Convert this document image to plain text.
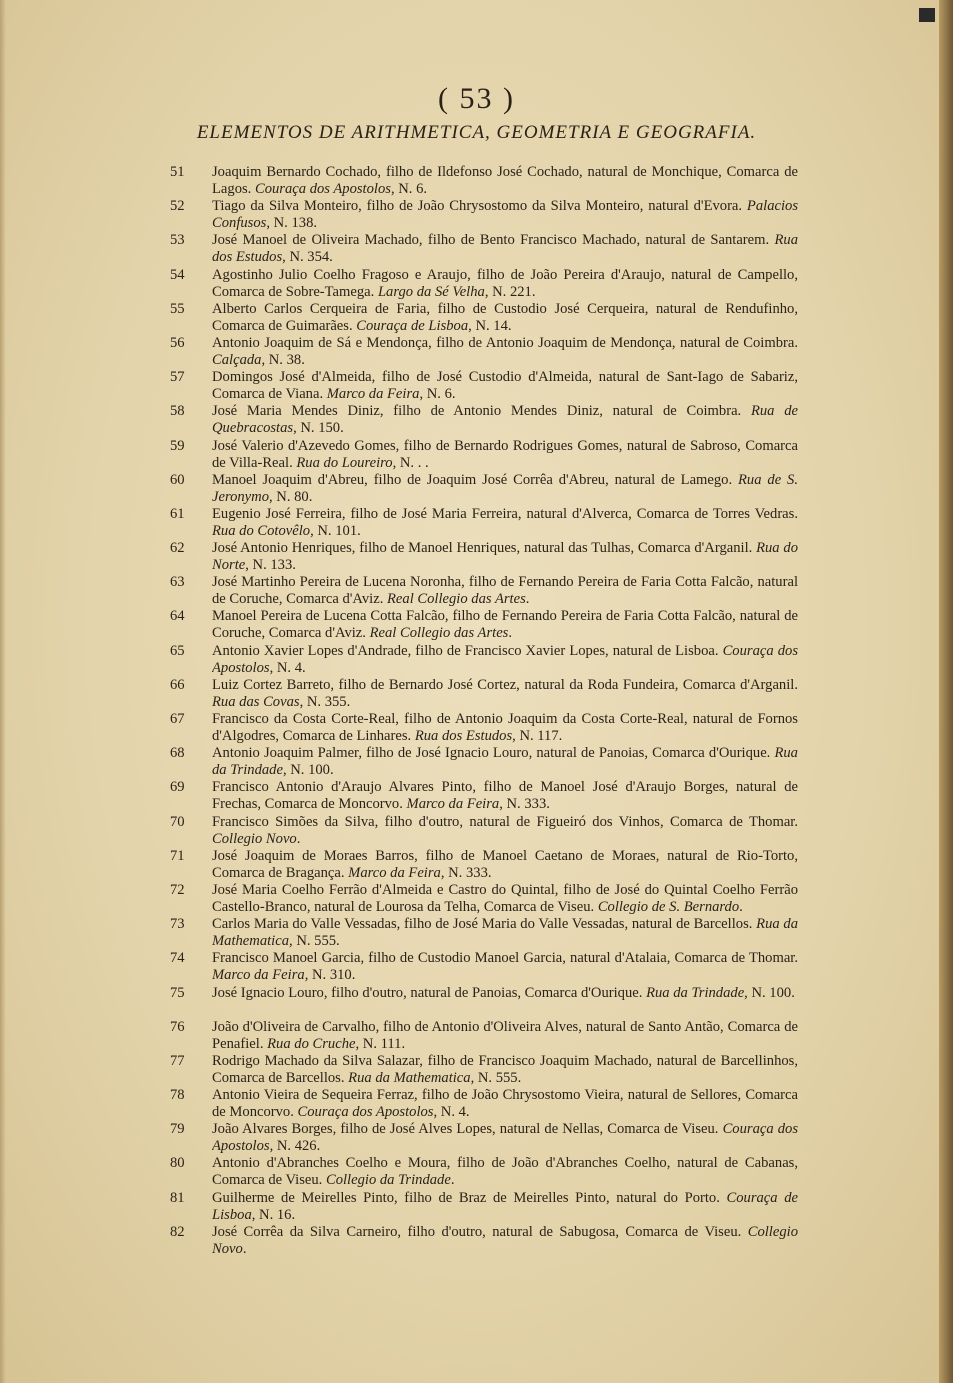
( 53 )
ELEMENTOS DE ARITHMETICA, GEOMETRIA E GEOGRAFIA.
51	Joaquim Bernardo Cochado, filho de Ildefonso José Cochado, natural de Monchique, Comarca de Lagos. Couraça dos Apostolos, N. 6.
52	Tiago da Silva Monteiro, filho de João Chrysostomo da Silva Monteiro, natural d'Evora. Palacios Confusos, N. 138.
53	José Manoel de Oliveira Machado, filho de Bento Francisco Machado, natural de Santarem. Rua dos Estudos, N. 354.
54	Agostinho Julio Coelho Fragoso e Araujo, filho de João Pereira d'Araujo, natural de Campello, Comarca de Sobre-Tamega. Largo da Sé Velha, N. 221.
55	Alberto Carlos Cerqueira de Faria, filho de Custodio José Cerqueira, natural de Rendufinho, Comarca de Guimarães. Couraça de Lisboa, N. 14.
56	Antonio Joaquim de Sá e Mendonça, filho de Antonio Joaquim de Mendonça, natural de Coimbra. Calçada, N. 38.
57	Domingos José d'Almeida, filho de José Custodio d'Almeida, natural de Sant-Iago de Sabariz, Comarca de Viana. Marco da Feira, N. 6.
58	José Maria Mendes Diniz, filho de Antonio Mendes Diniz, natural de Coimbra. Rua de Quebracostas, N. 150.
59	José Valerio d'Azevedo Gomes, filho de Bernardo Rodrigues Gomes, natural de Sabroso, Comarca de Villa-Real. Rua do Loureiro, N. . .
60	Manoel Joaquim d'Abreu, filho de Joaquim José Corrêa d'Abreu, natural de Lamego. Rua de S. Jeronymo, N. 80.
61	Eugenio José Ferreira, filho de José Maria Ferreira, natural d'Alverca, Comarca de Torres Vedras. Rua do Cotovêlo, N. 101.
62	José Antonio Henriques, filho de Manoel Henriques, natural das Tulhas, Comarca d'Arganil. Rua do Norte, N. 133.
63	José Martinho Pereira de Lucena Noronha, filho de Fernando Pereira de Faria Cotta Falcão, natural de Coruche, Comarca d'Aviz. Real Collegio das Artes.
64	Manoel Pereira de Lucena Cotta Falcão, filho de Fernando Pereira de Faria Cotta Falcão, natural de Coruche, Comarca d'Aviz. Real Collegio das Artes.
65	Antonio Xavier Lopes d'Andrade, filho de Francisco Xavier Lopes, natural de Lisboa. Couraça dos Apostolos, N. 4.
66	Luiz Cortez Barreto, filho de Bernardo José Cortez, natural da Roda Fundeira, Comarca d'Arganil. Rua das Covas, N. 355.
67	Francisco da Costa Corte-Real, filho de Antonio Joaquim da Costa Corte-Real, natural de Fornos d'Algodres, Comarca de Linhares. Rua dos Estudos, N. 117.
68	Antonio Joaquim Palmer, filho de José Ignacio Louro, natural de Panoias, Comarca d'Ourique. Rua da Trindade, N. 100.
69	Francisco Antonio d'Araujo Alvares Pinto, filho de Manoel José d'Araujo Borges, natural de Frechas, Comarca de Moncorvo. Marco da Feira, N. 333.
70	Francisco Simões da Silva, filho d'outro, natural de Figueiró dos Vinhos, Comarca de Thomar. Collegio Novo.
71	José Joaquim de Moraes Barros, filho de Manoel Caetano de Moraes, natural de Rio-Torto, Comarca de Bragança. Marco da Feira, N. 333.
72	José Maria Coelho Ferrão d'Almeida e Castro do Quintal, filho de José do Quintal Coelho Ferrão Castello-Branco, natural de Lourosa da Telha, Comarca de Viseu. Collegio de S. Bernardo.
73	Carlos Maria do Valle Vessadas, filho de José Maria do Valle Vessadas, natural de Barcellos. Rua da Mathematica, N. 555.
74	Francisco Manoel Garcia, filho de Custodio Manoel Garcia, natural d'Atalaia, Comarca de Thomar. Marco da Feira, N. 310.
75	José Ignacio Louro, filho d'outro, natural de Panoias, Comarca d'Ourique. Rua da Trindade, N. 100.
76	João d'Oliveira de Carvalho, filho de Antonio d'Oliveira Alves, natural de Santo Antão, Comarca de Penafiel. Rua do Cruche, N. 111.
77	Rodrigo Machado da Silva Salazar, filho de Francisco Joaquim Machado, natural de Barcellinhos, Comarca de Barcellos. Rua da Mathematica, N. 555.
78	Antonio Vieira de Sequeira Ferraz, filho de João Chrysostomo Vieira, natural de Sellores, Comarca de Moncorvo. Couraça dos Apostolos, N. 4.
79	João Alvares Borges, filho de José Alves Lopes, natural de Nellas, Comarca de Viseu. Couraça dos Apostolos, N. 426.
80	Antonio d'Abranches Coelho e Moura, filho de João d'Abranches Coelho, natural de Cabanas, Comarca de Viseu. Collegio da Trindade.
81	Guilherme de Meirelles Pinto, filho de Braz de Meirelles Pinto, natural do Porto. Couraça de Lisboa, N. 16.
82	José Corrêa da Silva Carneiro, filho d'outro, natural de Sabugosa, Comarca de Viseu. Collegio Novo.
